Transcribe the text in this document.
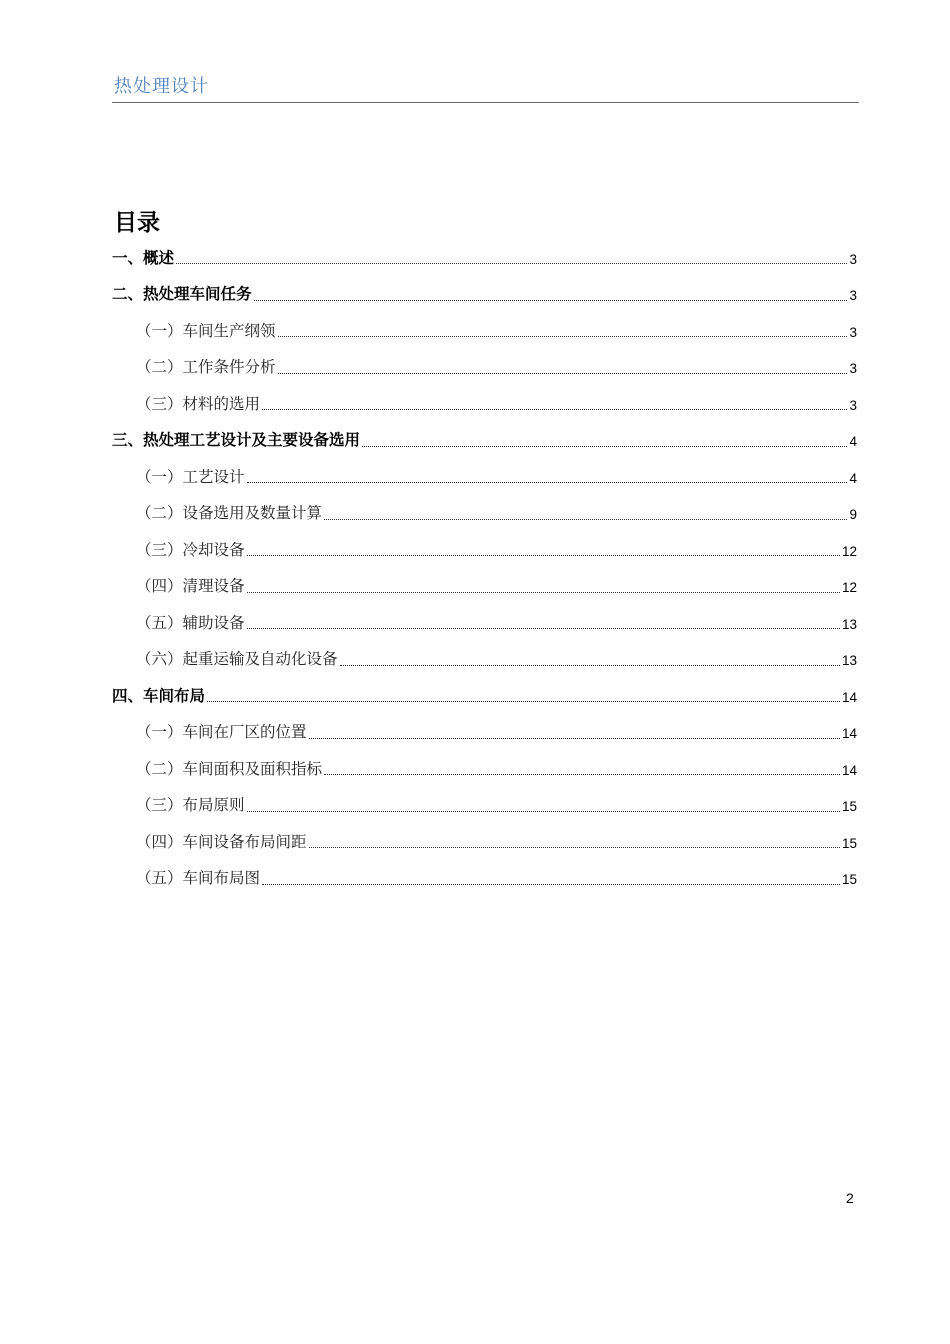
热处理设计
目录
一、概述	3
二、热处理车间任务	3
（一）车间生产纲领	3
（二）工作条件分析	3
（三）材料的选用	3
三、热处理工艺设计及主要设备选用	4
（一）工艺设计	4
（二）设备选用及数量计算	9
（三）冷却设备	12
（四）清理设备	12
（五）辅助设备	13
（六）起重运输及自动化设备	13
四、车间布局	14
（一）车间在厂区的位置	14
（二）车间面积及面积指标	14
（三）布局原则	15
（四）车间设备布局间距	15
（五）车间布局图	15
2
